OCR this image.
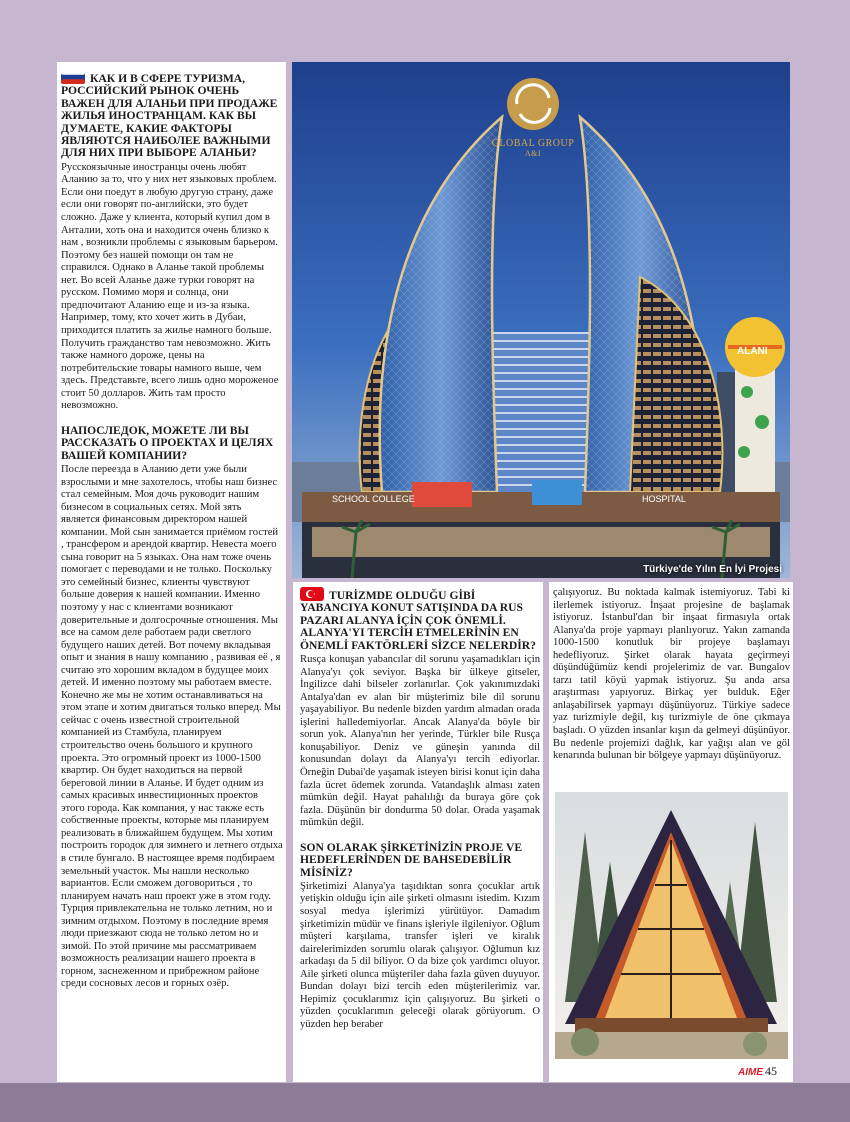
КАК И В СФЕРЕ ТУРИЗМА, РОССИЙСКИЙ РЫНОК ОЧЕНЬ ВАЖЕН ДЛЯ АЛАНЬИ ПРИ ПРОДАЖЕ ЖИЛЬЯ ИНОСТРАНЦАМ. КАК ВЫ ДУМАЕТЕ, КАКИЕ ФАКТОРЫ ЯВЛЯЮТСЯ НАИБОЛЕЕ ВАЖНЫМИ ДЛЯ НИХ ПРИ ВЫБОРЕ АЛАНЬИ?

Русскоязычные иностранцы очень любят Аланию за то, что у них нет языковых проблем. Если они поедут в любую другую страну, даже если они говорят по-английски, это будет сложно. Даже у клиента, который купил дом в Анталии, хоть она и находится очень близко к нам , возникли проблемы с языковым барьером. Поэтому без нашей помощи он там не справился. Однако в Аланье такой проблемы нет. Во всей Аланье даже турки говорят на русском. Помимо моря и солнца, они предпочитают Аланию еще и из-за языка. Например, тому, кто хочет жить в Дубаи, приходится платить за жилье намного больше. Получить гражданство там невозможно. Жить также намного дороже, цены на потребительские товары намного выше, чем здесь. Представьте, всего лишь одно мороженое стоит 50 долларов. Жить там просто невозможно.

НАПОСЛЕДОК, МОЖЕТЕ ЛИ ВЫ РАССКАЗАТЬ О ПРОЕКТАХ И ЦЕЛЯХ ВАШЕЙ КОМПАНИИ?

После переезда в Аланию дети уже были взрослыми и мне захотелось, чтобы наш бизнес стал семейным. Моя дочь руководит нашим бизнесом в социальных сетях. Мой зять является финансовым директором нашей компании. Мой сын занимается приёмом гостей , трансфером и арендой квартир. Невеста моего сына говорит на 5 языках. Она нам тоже очень помогает с переводами и не только. Поскольку это семейный бизнес, клиенты чувствуют больше доверия к нашей компании. Именно поэтому у нас с клиентами возникают доверительные и долгосрочные отношения. Мы все на самом деле работаем ради светлого будущего наших детей. Вот почему вкладывая опыт и знания в нашу компанию , развивая её , я считаю это хорошим вкладом в будущее моих детей. И именно поэтому мы работаем вместе. Конечно же мы не хотим останавливаться на этом этапе и хотим двигаться только вперед. Мы сейчас с очень известной строительной компанией из Стамбула, планируем строительство очень большого и крупного проекта. Это огромный проект из 1000-1500 квартир. Он будет находиться на первой береговой линии в Аланье. И будет одним из самых красивых инвестиционных проектов этого города. Как компания, у нас также есть собственные проекты, которые мы планируем реализовать в ближайшем будущем. Мы хотим построить городок для зимнего и летнего отдыха в стиле бунгало. В настоящее время подбираем земельный участок. Мы нашли несколько вариантов. Если сможем договориться , то планируем начать наш проект уже в этом году. Турция привлекательна не только летним, но и зимним отдыхом. Поэтому в последние время люди приезжают сюда не только летом но и зимой. По этой причине мы рассматриваем возможность реализации нашего проекта в горном, заснеженном и прибрежном районе среди сосновых лесов и горных озёр.

ALANI
SCHOOL COLLEGE	HOSPITAL
GLOBAL GROUP
A&I
Türkiye'de Yılın En İyi Projesi

TURİZMDE OLDUĞU GİBİ YABANCIYA KONUT SATIŞINDA DA RUS PAZARI ALANYA İÇİN ÇOK ÖNEMLİ. ALANYA'YI TERCİH ETMELERİNİN EN ÖNEMLİ FAKTÖRLERİ SİZCE NELERDİR?

Rusça konuşan yabancılar dil sorunu yaşamadıkları için Alanya'yı çok seviyor. Başka bir ülkeye gitseler, İngilizce dahi bilseler zorlanırlar. Çok yakınımızdaki Antalya'dan ev alan bir müşterimiz bile dil sorunu yaşayabiliyor. Bu nedenle bizden yardım almadan orada işlerini halledemiyorlar. Ancak Alanya'da böyle bir sorun yok. Alanya'nın her yerinde, Türkler bile Rusça konuşabiliyor. Deniz ve güneşin yanında dil konusundan dolayı da Alanya'yı tercih ediyorlar. Örneğin Dubai'de yaşamak isteyen birisi konut için daha fazla ücret ödemek zorunda. Vatandaşlık alması zaten mümkün değil. Hayat pahalılığı da buraya göre çok fazla. Düşünün bir dondurma 50 dolar. Orada yaşamak mümkün değil.

SON OLARAK ŞİRKETİNİZİN PROJE VE HEDEFLERİNDEN DE BAHSEDEBİLİR MİSİNİZ?

Şirketimizi Alanya'ya taşıdıktan sonra çocuklar artık yetişkin olduğu için aile şirketi olmasını istedim. Kızım sosyal medya işlerimizi yürütüyor. Damadım şirketimizin müdür ve finans işleriyle ilgileniyor. Oğlum müşteri karşılama, transfer işleri ve kiralık dairelerimizden sorumlu olarak çalışıyor. Oğlumun kız arkadaşı da 5 dil biliyor. O da bize çok yardımcı oluyor. Aile şirketi olunca müşteriler daha fazla güven duyuyor. Bundan dolayı bizi tercih eden müşterilerimiz var. Hepimiz çocuklarımız için çalışıyoruz. Bu şirketi o yüzden çocuklarımın geleceği olarak görüyorum. O yüzden hep beraber

çalışıyoruz. Bu noktada kalmak istemiyoruz. Tabi ki ilerlemek istiyoruz. İnşaat projesine de başlamak istiyoruz. İstanbul'dan bir inşaat firmasıyla ortak Alanya'da proje yapmayı planlıyoruz. Yakın zamanda 1000-1500 konutluk bir projeye başlamayı hedefliyoruz. Şirket olarak hayata geçirmeyi düşündüğümüz kendi projelerimiz de var. Bungalov tarzı tatil köyü yapmak istiyoruz. Şu anda arsa araştırması yapıyoruz. Birkaç yer bulduk. Eğer anlaşabilirsek yapmayı düşünüyoruz. Türkiye sadece yaz turizmiyle değil, kış turizmiyle de öne çıkmaya başladı. O yüzden insanlar kışın da gelmeyi düşünüyor. Bu nedenle projemizi dağlık, kar yağışı alan ve göl kenarında bulunan bir bölgeye yapmayı düşünüyoruz.

AIME 45
